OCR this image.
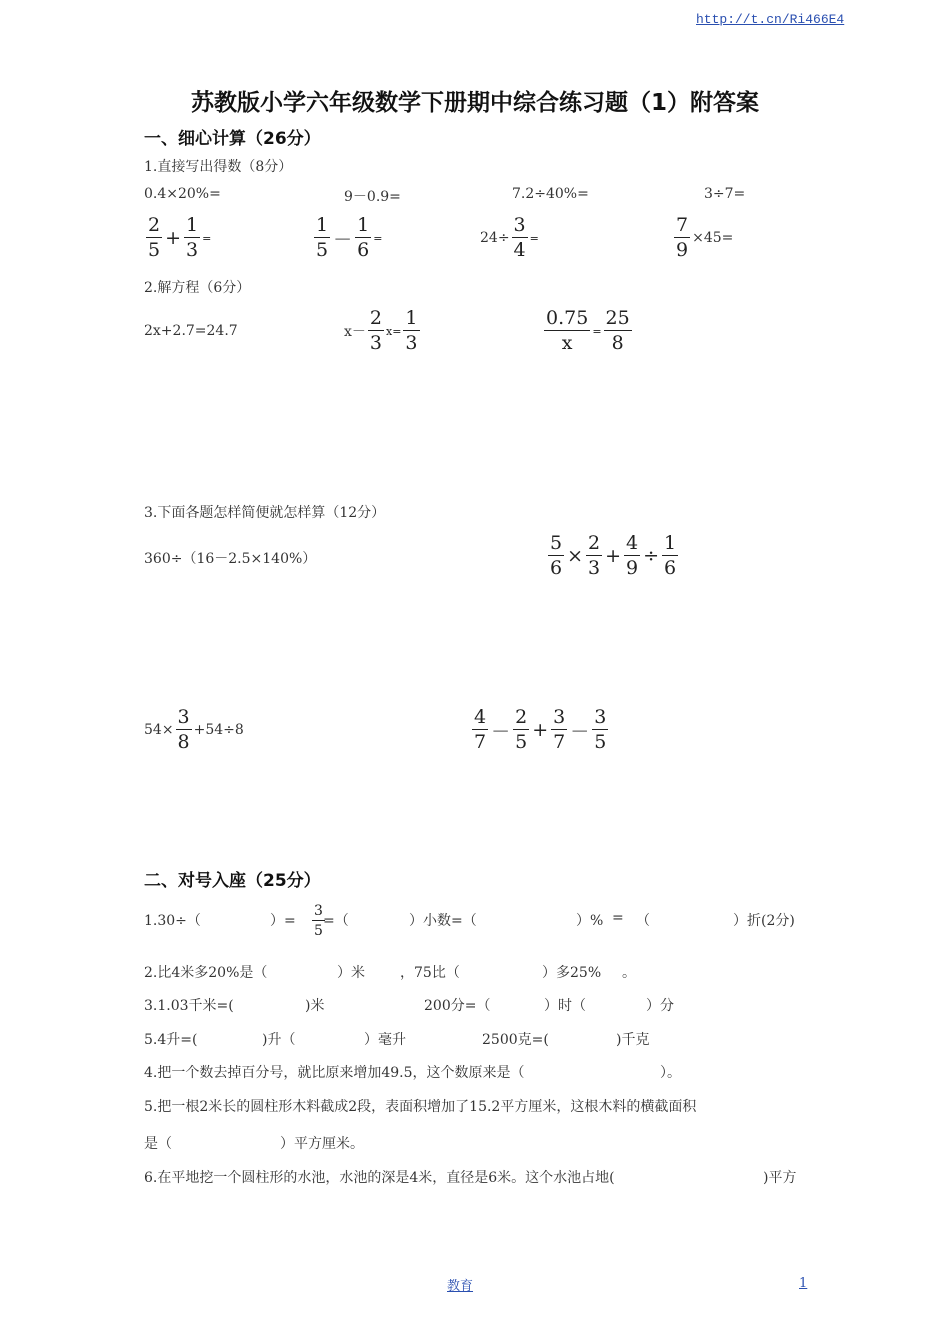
http://t.cn/Ri466E4
苏教版小学六年级数学下册期中综合练习题（1）附答案
一、细心计算（26分）
1.直接写出得数（8分）
0.4×20%=	9－0.9=	7.2÷40%=	3÷7=
$\frac{2}{5} + \frac{1}{3}$ =	$\frac{1}{5} - \frac{1}{6}$ =	$24\div \frac{3}{4}$ =	$\frac{7}{9} \times 45=$
2.解方程（6分）
2x+2.7=24.7	$x- \frac{2}{3} x= \frac{1}{3}$	$\frac{0.75}{x} = \frac{25}{8}$
3.下面各题怎样简便就怎样算（12分）
360÷（16－2.5×140%）	$\frac{5}{6} \times \frac{2}{3} + \frac{4}{9} \div \frac{1}{6}$
$54\times \frac{3}{8} +54\div 8$	$\frac{4}{7} - \frac{2}{5} + \frac{3}{7} - \frac{3}{5}$
二、对号入座（25分）
1.30÷（	）= $\frac{3}{5}$
=（	）小数=（	）% = （	）折(2分)
2.比4米多20%是（	）米	，75比（	）多25% 。
3.1.03千米=(	)米	200分=（	）时（	）分
5.4升=(	)升（	）毫升	2500克=(	)千克
4.把一个数去掉百分号，就比原来增加49.5，这个数原来是（	）。
5.把一根2米长的圆柱形木料截成2段，表面积增加了15.2平方厘米，这根木料的横截面积
是（	）平方厘米。
6.在平地挖一个圆柱形的水池，水池的深是4米，直径是6米。这个水池占地(	)平方
教育	1
